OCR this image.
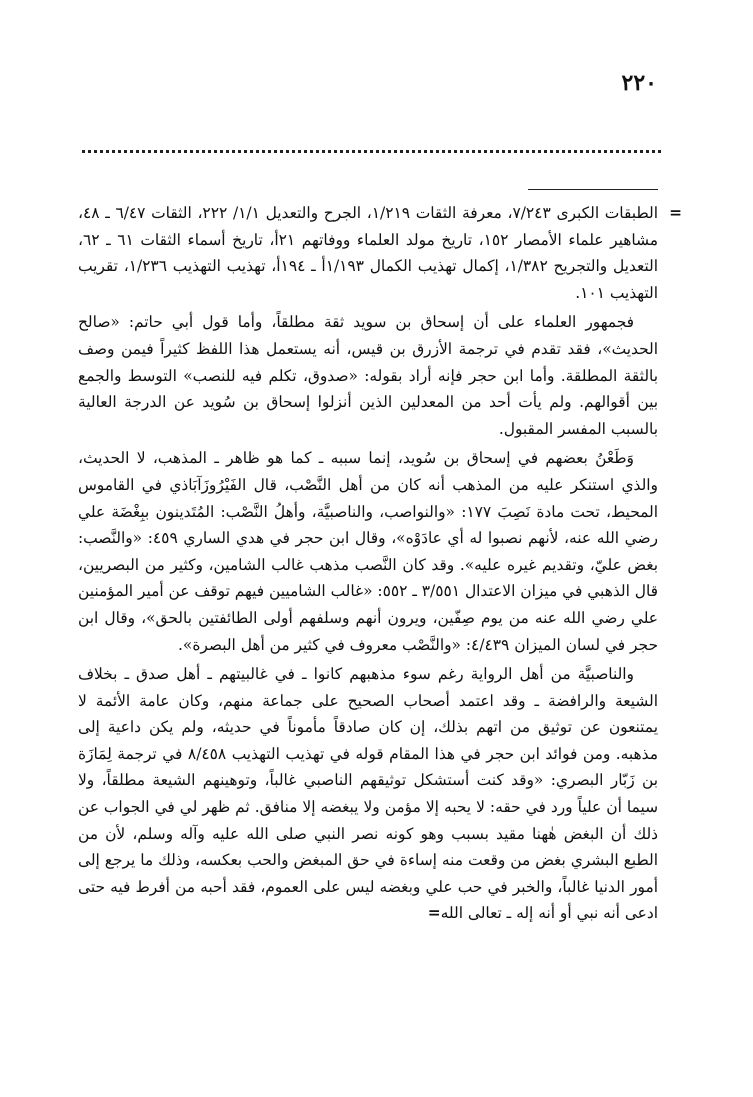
٢٢٠

=
الطبقات الكبرى ٧/٢٤٣، معرفة الثقات ١/٢١٩، الجرح والتعديل ١/١/ ٢٢٢، الثقات ٦/٤٧ ـ ٤٨، مشاهير علماء الأمصار ١٥٢، تاريخ مولد العلماء ووفاتهم ٢١أ، تاريخ أسماء الثقات ٦١ ـ ٦٢، التعديل والتجريح ١/٣٨٢، إكمال تهذيب الكمال ١/١٩٣أ ـ ١٩٤أ، تهذيب التهذيب ١/٢٣٦، تقريب التهذيب ١٠١.

فجمهور العلماء على أن إسحاق بن سويد ثقة مطلقاً، وأما قول أبي حاتم: «صالح الحديث»، فقد تقدم في ترجمة الأزرق بن قيس، أنه يستعمل هذا اللفظ كثيراً فيمن وصف بالثقة المطلقة. وأما ابن حجر فإنه أراد بقوله: «صدوق، تكلم فيه للنصب» التوسط والجمع بين أقوالهم. ولم يأت أحد من المعدلين الذين أنزلوا إسحاق بن سُويد عن الدرجة العالية بالسبب المفسر المقبول.

وَطَعْنُ بعضهم في إسحاق بن سُويد، إنما سببه ـ كما هو ظاهر ـ المذهب، لا الحديث، والذي استنكر عليه من المذهب أنه كان من أهل النَّصْب، قال الفَيْرُوزَآبَاذي في القاموس المحيط، تحت مادة نَصِبَ ١٧٧: «والنواصب، والناصبيَّة، وأهلُ النَّصْب: المُتَدينون ببِغْضَة علي رضي الله عنه، لأنهم نصبوا له أي عادَوْه»، وقال ابن حجر في هدي الساري ٤٥٩: «والنَّصب: بغض عليّ، وتقديم غيره عليه». وقد كان النَّصب مذهب غالب الشامين، وكثير من البصريين، قال الذهبي في ميزان الاعتدال ٣/٥٥١ ـ ٥٥٢: «غالب الشاميين فيهم توقف عن أمير المؤمنين علي رضي الله عنه من يوم صِفّين، ويرون أنهم وسلفهم أولى الطائفتين بالحق»، وقال ابن حجر في لسان الميزان ٤/٤٣٩: «والنَّصْب معروف في كثير من أهل البصرة».

والناصبيَّة من أهل الرواية رغم سوء مذهبهم كانوا ـ في غالبيتهم ـ أهل صدق ـ بخلاف الشيعة والرافضة ـ وقد اعتمد أصحاب الصحيح على جماعة منهم، وكان عامة الأئمة لا يمتنعون عن توثيق من اتهم بذلك، إن كان صادقاً مأموناً في حديثه، ولم يكن داعية إلى مذهبه. ومن فوائد ابن حجر في هذا المقام قوله في تهذيب التهذيب ٨/٤٥٨ في ترجمة لِمَازَة بن زَبّار البصري: «وقد كنت أستشكل توثيقهم الناصبي غالباً، وتوهينهم الشيعة مطلقاً، ولا سيما أن علياً ورد في حقه: لا يحبه إلا مؤمن ولا يبغضه إلا منافق. ثم ظهر لي في الجواب عن ذلك أن البغض هٰهنا مقيد بسبب وهو كونه نصر النبي صلى الله عليه وآله وسلم، لأن من الطبع البشري بغض من وقعت منه إساءة في حق المبغض والحب بعكسه، وذلك ما يرجع إلى أمور الدنيا غالباً، والخبر في حب علي وبغضه ليس على العموم، فقد أحبه من أفرط فيه حتى ادعى أنه نبي أو أنه إله ـ تعالى الله=
